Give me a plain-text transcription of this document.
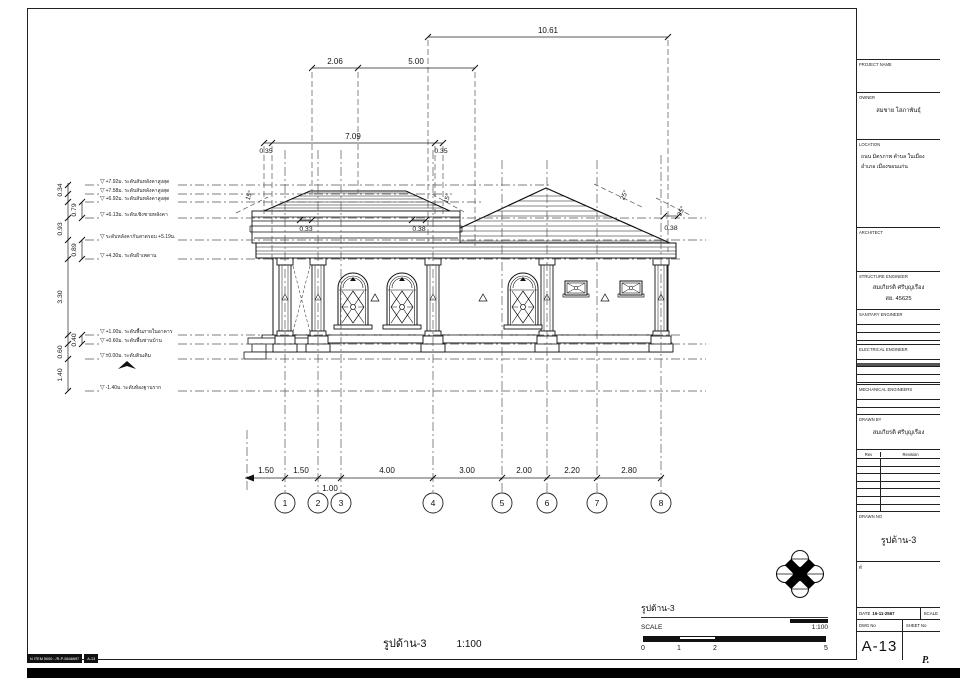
10.61
2.06	5.00
7.09
0.35	0.35
0.33	0.38	0.38
15°	15°	25°
25°
0.34
0.79
0.93
0.89
3.30
0.40
0.60
1.40
1.50 1.50
1.00
4.00	3.00	2.00	2.20	2.80
1	2 3	4	5	6	7	8
▽+7.92ม. ระดับสันหลังคาสูงสุด
▽+7.58ม. ระดับสันหลังคาสูงสุด
▽+6.92ม. ระดับสันหลังคาสูงสุด
▽+6.13ม. ระดับเชิงชายหลังคา
▽ระดับหลังคากันสาดรอบ +5.19ม.
▽+4.30ม. ระดับฝ้าเพดาน
▽+1.00ม. ระดับพื้นภายในอาคาร
▽+0.60ม. ระดับพื้นชานบ้าน
▽±0.00ม. ระดับดินเดิม
▽-1.40ม. ระดับท้องฐานราก
รูปด้าน-3	1:100
รูปด้าน-3
SCALE	1:100
0	1	2	5
PROJECT NAME
OWNER
สมชาย โสภาพันธุ์
LOCATION
ถนน มิตรภาพ ตำบล ในเมือง
อำเภอ เมืองขอนแก่น
ARCHITECT
STRUCTURE ENGINEER
สมเกียรติ ศรีบุญเรือง
สย. 45625
SANITARY ENGINEER
ELECTRICAL ENGINEER
MECHANICAL ENGINEERS
DRAWN BY
สมเกียรติ ศรีบุญเรือง
Rev	Revision
DRAWN NO
รูปด้าน-3
ที่
DATE 16-11-2567	SCALE
DWG No	SHEET No
A-13
N ITEM 5000 : /R-P-5646697	A-13	P.
